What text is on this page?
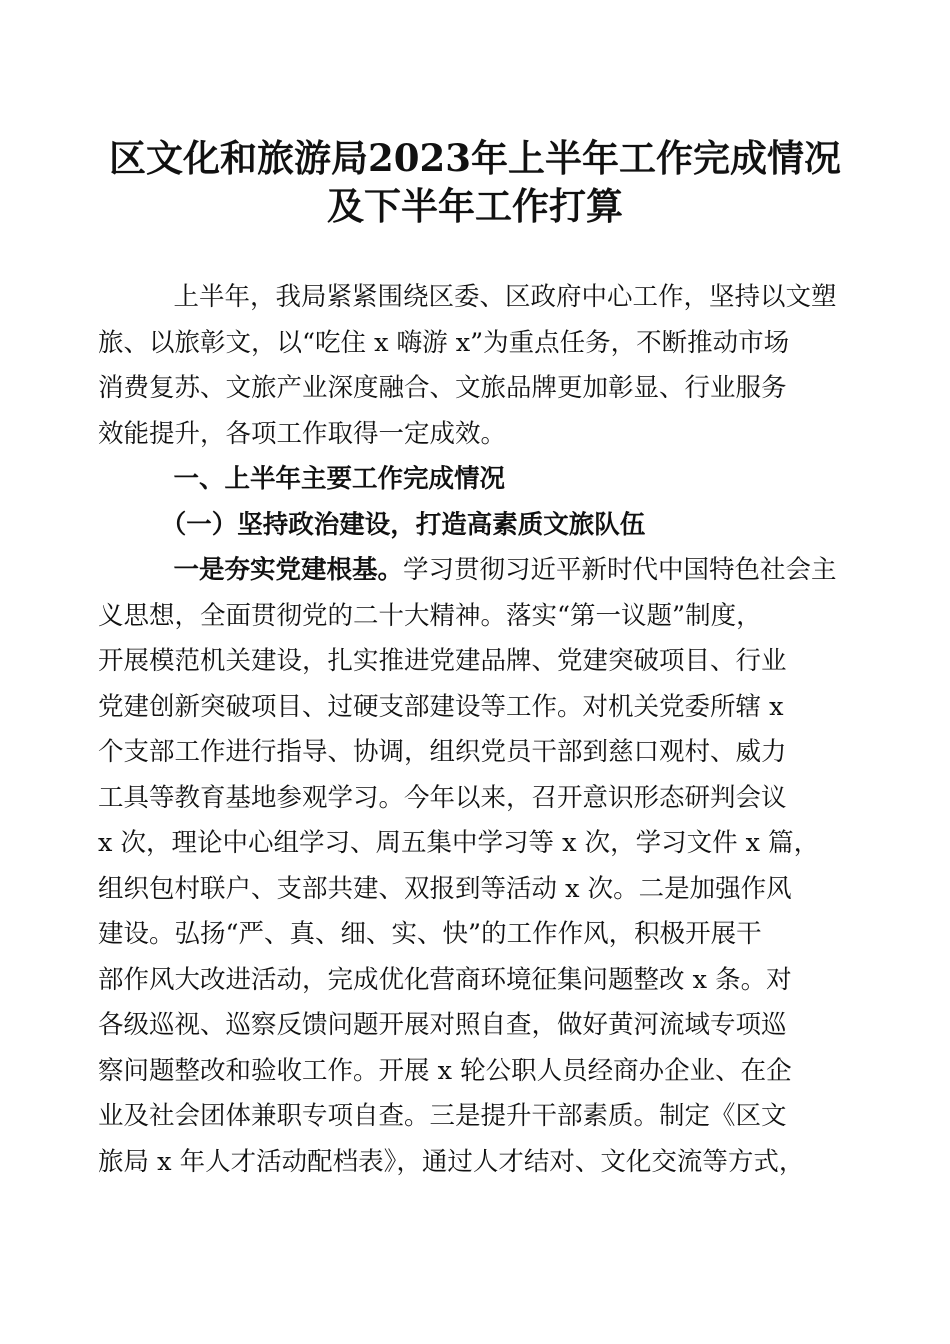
区文化和旅游局2023年上半年工作完成情况
及下半年工作打算
　上半年，我局紧紧围绕区委、区政府中心工作，坚持以文塑
旅、以旅彰文，以“吃住 x 嗨游 x”为重点任务，不断推动市场
消费复苏、文旅产业深度融合、文旅品牌更加彰显、行业服务
效能提升，各项工作取得一定成效。
　一、上半年主要工作完成情况
　（一）坚持政治建设，打造高素质文旅队伍
　一是夯实党建根基。学习贯彻习近平新时代中国特色社会主
义思想，全面贯彻党的二十大精神。落实“第一议题”制度，
开展模范机关建设，扎实推进党建品牌、党建突破项目、行业
党建创新突破项目、过硬支部建设等工作。对机关党委所辖 x
个支部工作进行指导、协调，组织党员干部到慈口观村、威力
工具等教育基地参观学习。今年以来，召开意识形态研判会议
x 次，理论中心组学习、周五集中学习等 x 次，学习文件 x 篇，
组织包村联户、支部共建、双报到等活动 x 次。二是加强作风
建设。弘扬“严、真、细、实、快”的工作作风，积极开展干
部作风大改进活动，完成优化营商环境征集问题整改 x 条。对
各级巡视、巡察反馈问题开展对照自查，做好黄河流域专项巡
察问题整改和验收工作。开展 x 轮公职人员经商办企业、在企
业及社会团体兼职专项自查。三是提升干部素质。制定《区文
旅局 x 年人才活动配档表》，通过人才结对、文化交流等方式，
